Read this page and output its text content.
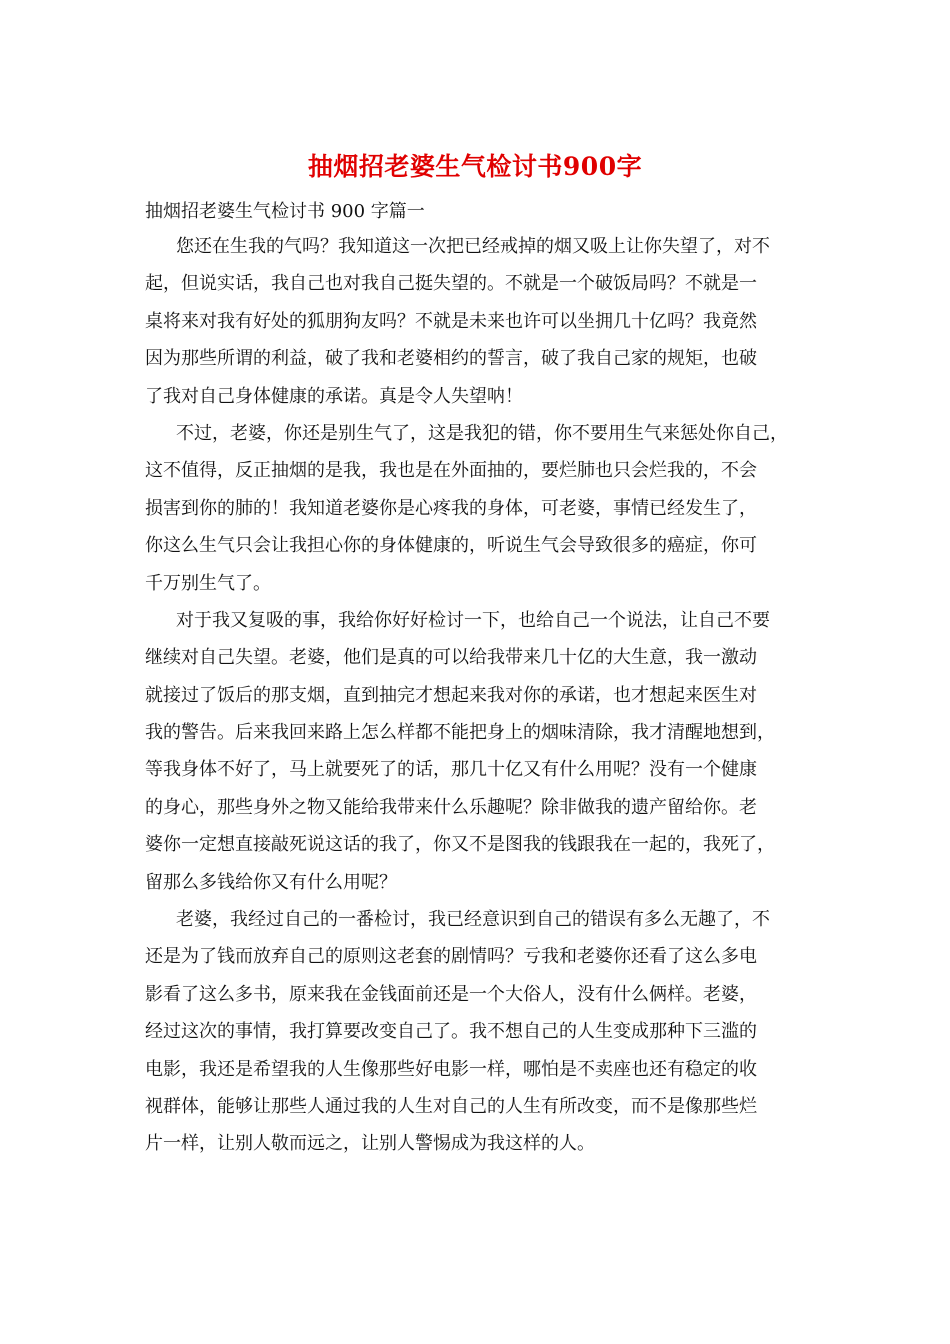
抽烟招老婆生气检讨书900字
抽烟招老婆生气检讨书 900 字篇一
您还在生我的气吗？我知道这一次把已经戒掉的烟又吸上让你失望了，对不
起，但说实话，我自己也对我自己挺失望的。不就是一个破饭局吗？不就是一
桌将来对我有好处的狐朋狗友吗？不就是未来也许可以坐拥几十亿吗？我竟然
因为那些所谓的利益，破了我和老婆相约的誓言，破了我自己家的规矩，也破
了我对自己身体健康的承诺。真是令人失望呐！
不过，老婆，你还是别生气了，这是我犯的错，你不要用生气来惩处你自己，
这不值得，反正抽烟的是我，我也是在外面抽的，要烂肺也只会烂我的，不会
损害到你的肺的！我知道老婆你是心疼我的身体，可老婆，事情已经发生了，
你这么生气只会让我担心你的身体健康的，听说生气会导致很多的癌症，你可
千万别生气了。
对于我又复吸的事，我给你好好检讨一下，也给自己一个说法，让自己不要
继续对自己失望。老婆，他们是真的可以给我带来几十亿的大生意，我一激动
就接过了饭后的那支烟，直到抽完才想起来我对你的承诺，也才想起来医生对
我的警告。后来我回来路上怎么样都不能把身上的烟味清除，我才清醒地想到，
等我身体不好了，马上就要死了的话，那几十亿又有什么用呢？没有一个健康
的身心，那些身外之物又能给我带来什么乐趣呢？除非做我的遗产留给你。老
婆你一定想直接敲死说这话的我了，你又不是图我的钱跟我在一起的，我死了，
留那么多钱给你又有什么用呢？
老婆，我经过自己的一番检讨，我已经意识到自己的错误有多么无趣了，不
还是为了钱而放弃自己的原则这老套的剧情吗？亏我和老婆你还看了这么多电
影看了这么多书，原来我在金钱面前还是一个大俗人，没有什么俩样。老婆，
经过这次的事情，我打算要改变自己了。我不想自己的人生变成那种下三滥的
电影，我还是希望我的人生像那些好电影一样，哪怕是不卖座也还有稳定的收
视群体，能够让那些人通过我的人生对自己的人生有所改变，而不是像那些烂
片一样，让别人敬而远之，让别人警惕成为我这样的人。
